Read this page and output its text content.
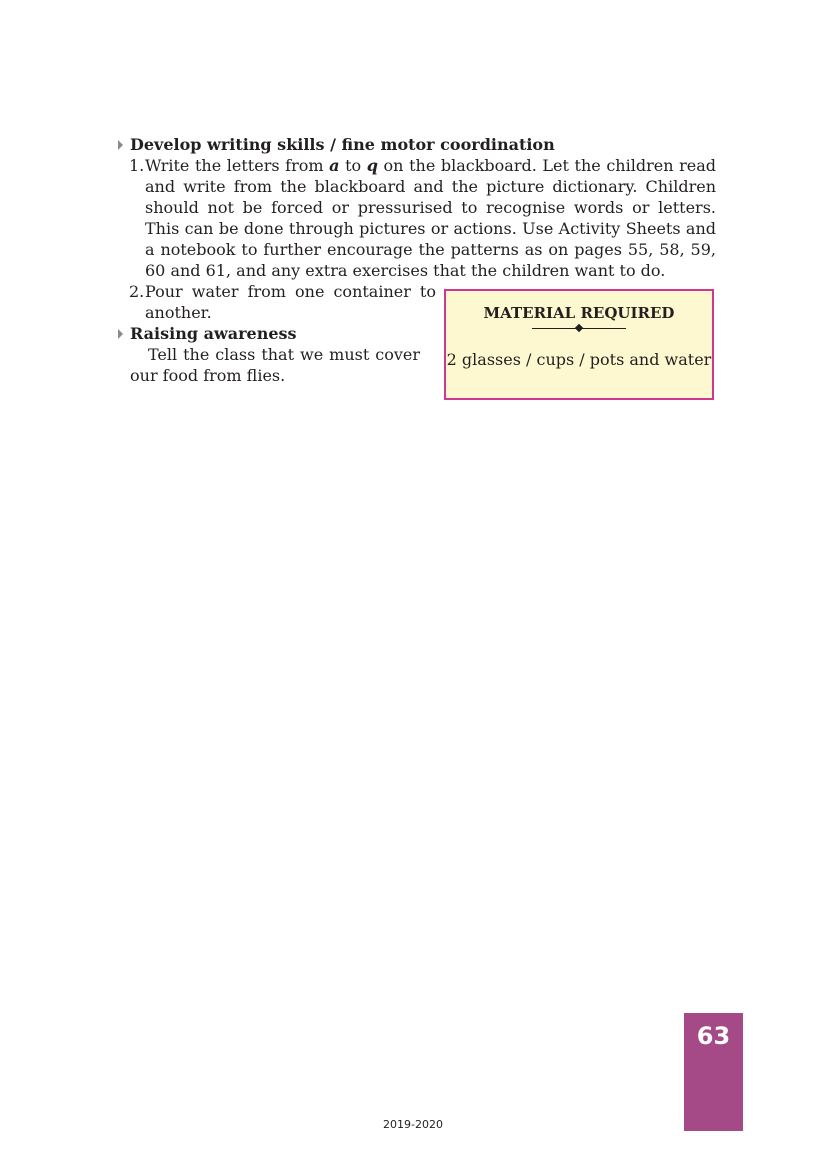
Develop writing skills / fine motor coordination
1. Write the letters from a to q on the blackboard. Let the children read and write from the blackboard and the picture dictionary. Children should not be forced or pressurised to recognise words or letters. This can be done through pictures or actions. Use Activity Sheets and a notebook to further encourage the patterns as on pages 55, 58, 59, 60 and 61, and any extra exercises that the children want to do.
2. Pour water from one container to another.
Raising awareness
Tell the class that we must cover our food from flies.
MATERIAL REQUIRED
2 glasses / cups / pots and water
63
2019-2020
